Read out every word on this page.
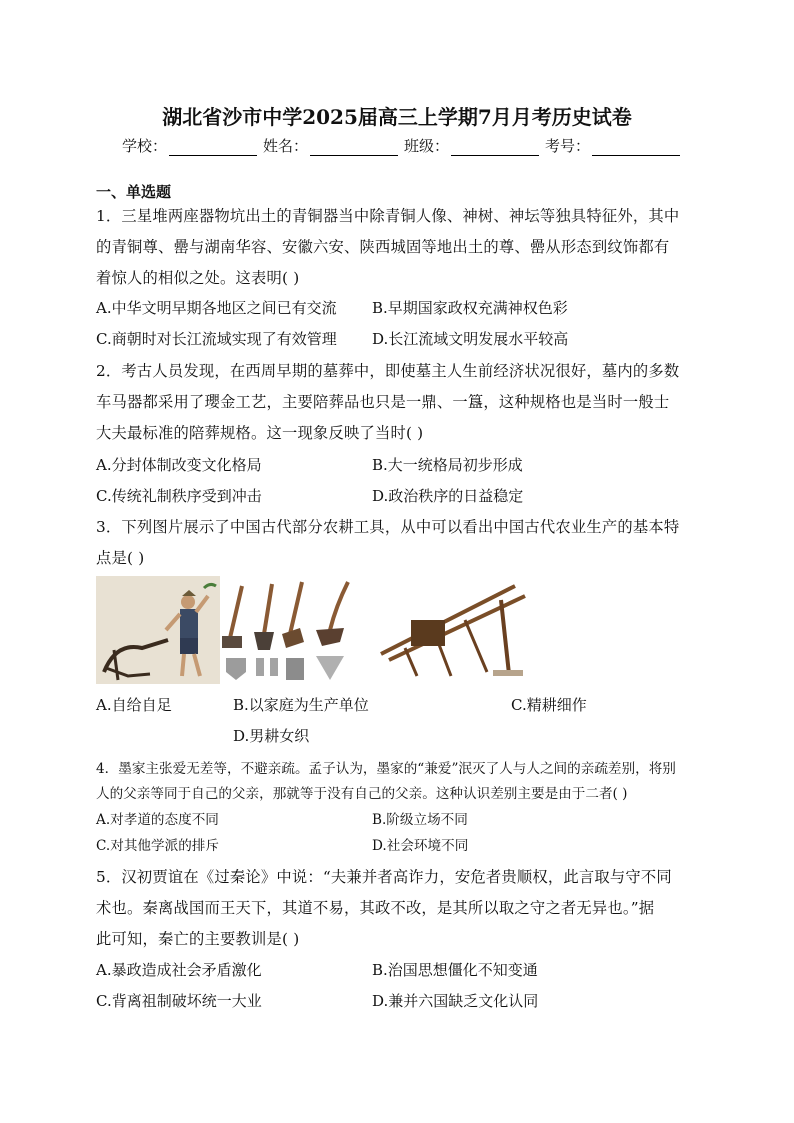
湖北省沙市中学2025届高三上学期7月月考历史试卷
学校：	姓名：	班级：	考号：
一、单选题
1．三星堆两座器物坑出土的青铜器当中除青铜人像、神树、神坛等独具特征外，其中
的青铜尊、罍与湖南华容、安徽六安、陕西城固等地出土的尊、罍从形态到纹饰都有
着惊人的相似之处。这表明( )
A.中华文明早期各地区之间已有交流 B.早期国家政权充满神权色彩
C.商朝时对长江流域实现了有效管理 D.长江流域文明发展水平较高
2．考古人员发现，在西周早期的墓葬中，即使墓主人生前经济状况很好，墓内的多数
车马器都采用了瓔金工艺，主要陪葬品也只是一鼎、一簋，这种规格也是当时一般士
大夫最标准的陪葬规格。这一现象反映了当时( )
A.分封体制改变文化格局	B.大一统格局初步形成
C.传统礼制秩序受到冲击	D.政治秩序的日益稳定
3．下列图片展示了中国古代部分农耕工具，从中可以看出中国古代农业生产的基本特
点是( )
A.自给自足	B.以家庭为生产单位	C.精耕细作
D.男耕女织
4．墨家主张爱无差等，不避亲疏。孟子认为，墨家的“兼爱”泯灭了人与人之间的亲疏差别，将别
人的父亲等同于自己的父亲，那就等于没有自己的父亲。这种认识差别主要是由于二者( )
A.对孝道的态度不同	B.阶级立场不同
C.对其他学派的排斥	D.社会环境不同
5．汉初贾谊在《过秦论》中说：“夫兼并者高诈力，安危者贵顺权，此言取与守不同
术也。秦离战国而王天下，其道不易，其政不改，是其所以取之守之者无异也。”据
此可知，秦亡的主要教训是( )
A.暴政造成社会矛盾激化	B.治国思想僵化不知变通
C.背离祖制破坏统一大业	D.兼并六国缺乏文化认同
